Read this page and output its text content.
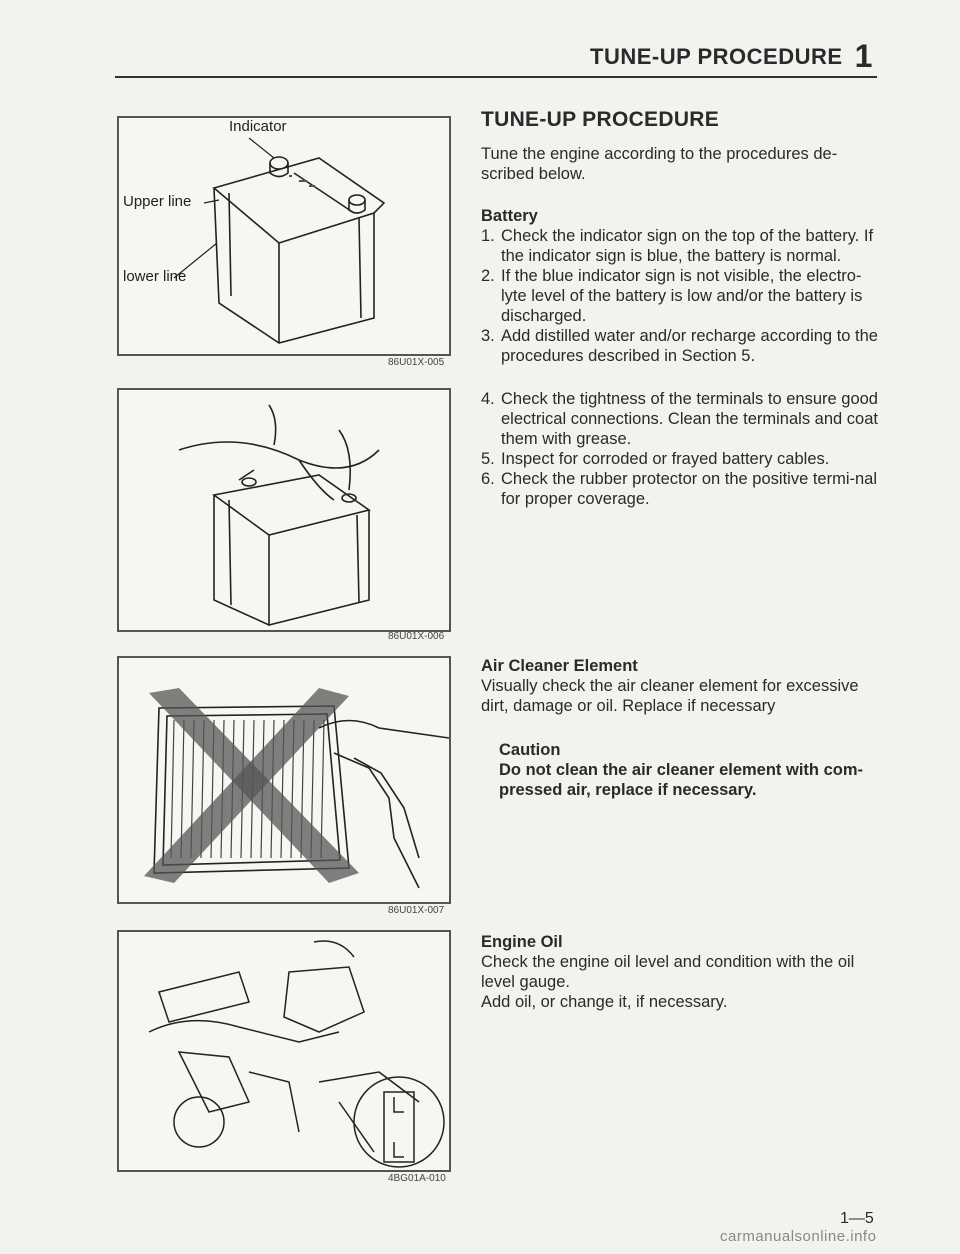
TUNE-UP PROCEDURE 1
Indicator
Upper line
lower line
86U01X-005
86U01X-006
86U01X-007
4BG01A-010
TUNE-UP PROCEDURE

Tune the engine according to the procedures de-scribed below.

Battery

1. Check the indicator sign on the top of the battery. If the indicator sign is blue, the battery is normal.
2. If the blue indicator sign is not visible, the electro-lyte level of the battery is low and/or the battery is discharged.
3. Add distilled water and/or recharge according to the procedures described in Section 5.
4. Check the tightness of the terminals to ensure good electrical connections. Clean the terminals and coat them with grease.
5. Inspect for corroded or frayed battery cables.
6. Check the rubber protector on the positive termi-nal for proper coverage.

Air Cleaner Element

Visually check the air cleaner element for excessive dirt, damage or oil. Replace if necessary

Caution

Do not clean the air cleaner element with com-pressed air, replace if necessary.

Engine Oil

Check the engine oil level and condition with the oil level gauge.

Add oil, or change it, if necessary.

1—5
carmanualsonline.info
